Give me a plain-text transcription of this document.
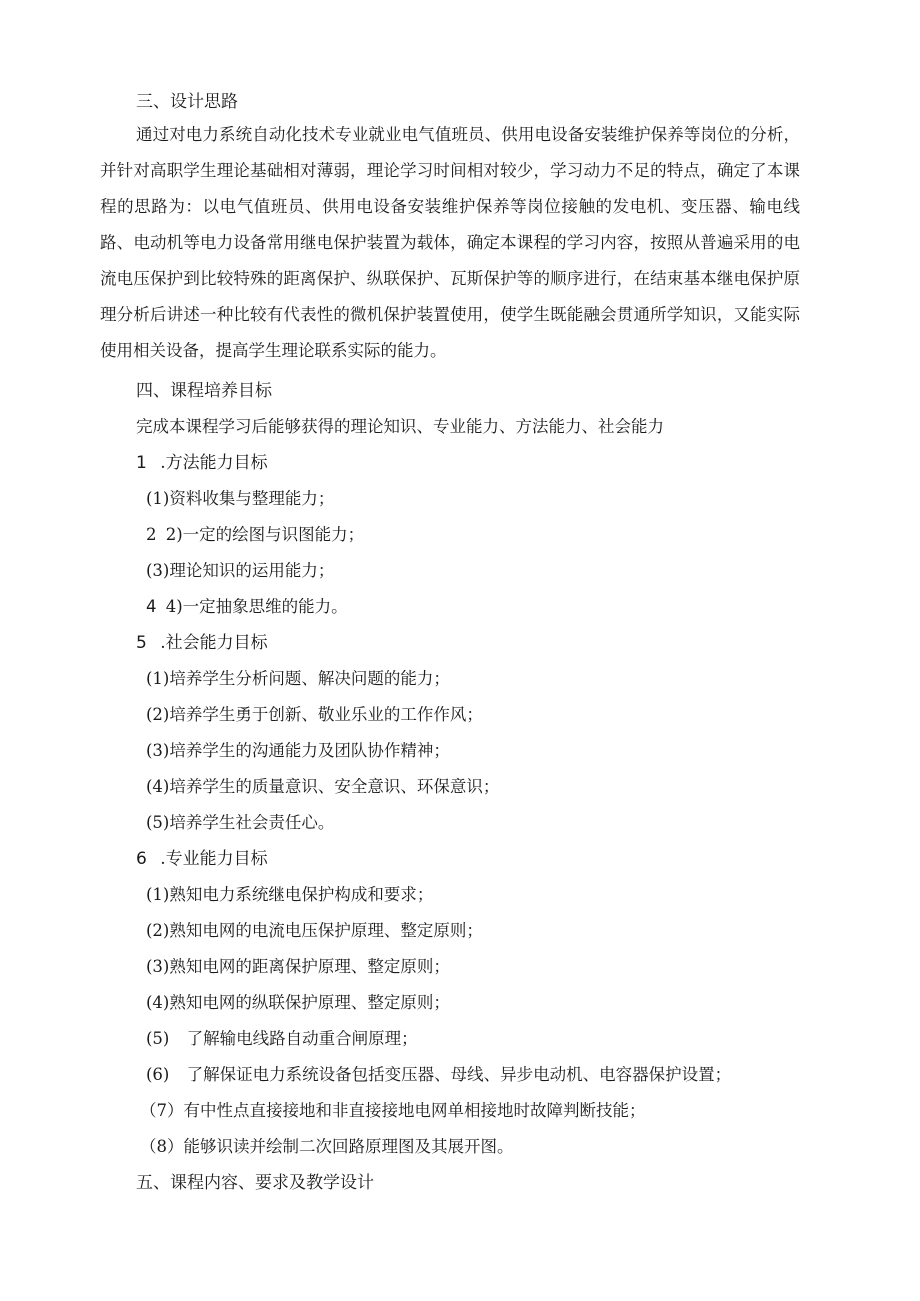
三、设计思路

通过对电力系统自动化技术专业就业电气值班员、供用电设备安装维护保养等岗位的分析，并针对高职学生理论基础相对薄弱，理论学习时间相对较少，学习动力不足的特点，确定了本课程的思路为：以电气值班员、供用电设备安装维护保养等岗位接触的发电机、变压器、输电线路、电动机等电力设备常用继电保护装置为载体，确定本课程的学习内容，按照从普遍采用的电流电压保护到比较特殊的距离保护、纵联保护、瓦斯保护等的顺序进行，在结束基本继电保护原理分析后讲述一种比较有代表性的微机保护装置使用，使学生既能融会贯通所学知识，又能实际使用相关设备，提高学生理论联系实际的能力。

四、课程培养目标
完成本课程学习后能够获得的理论知识、专业能力、方法能力、社会能力
1 .方法能力目标
(1)资料收集与整理能力；
2 2)一定的绘图与识图能力；
(3)理论知识的运用能力；
4 4)一定抽象思维的能力。
5 .社会能力目标
(1)培养学生分析问题、解决问题的能力；
(2)培养学生勇于创新、敬业乐业的工作作风；
(3)培养学生的沟通能力及团队协作精神；
(4)培养学生的质量意识、安全意识、环保意识；
(5)培养学生社会责任心。
6 .专业能力目标
(1)熟知电力系统继电保护构成和要求；
(2)熟知电网的电流电压保护原理、整定原则；
(3)熟知电网的距离保护原理、整定原则；
(4)熟知电网的纵联保护原理、整定原则；
(5) 了解输电线路自动重合闸原理；
(6) 了解保证电力系统设备包括变压器、母线、异步电动机、电容器保护设置；
（7）有中性点直接接地和非直接接地电网单相接地时故障判断技能；
（8）能够识读并绘制二次回路原理图及其展开图。
五、课程内容、要求及教学设计
